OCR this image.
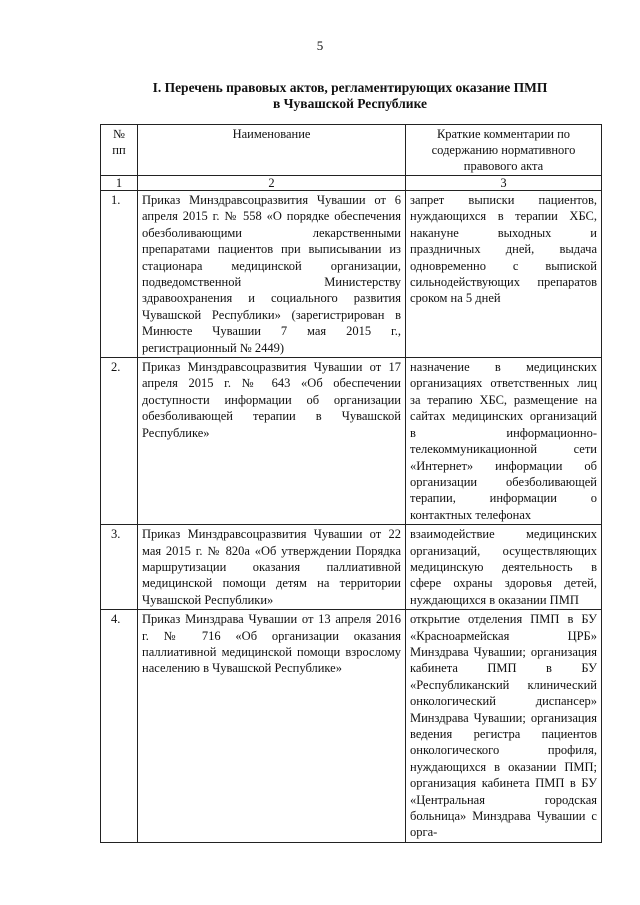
5
I. Перечень правовых актов, регламентирующих оказание ПМП
в Чувашской Республике
№ пп	Наименование	Краткие комментарии по содержанию нормативного правового акта
1	2	3
1.	Приказ Минздравсоцразвития Чувашии от 6 апреля 2015 г. № 558 «О порядке обеспечения обезболивающими лекарственными препаратами пациентов при выписывании из стационара медицинской организации, подведомственной Министерству здравоохранения и социального развития Чувашской Республики» (зарегистрирован в Минюсте Чувашии 7 мая 2015 г., регистрационный № 2449)	запрет выписки пациентов, нуждающихся в терапии ХБС, накануне выходных и праздничных дней, выдача одновременно с выпиской сильнодействующих препаратов сроком на 5 дней
2.	Приказ Минздравсоцразвития Чувашии от 17 апреля 2015 г. № 643 «Об обеспечении доступности информации об организации обезболивающей терапии в Чувашской Республике»	назначение в медицинских организациях ответственных лиц за терапию ХБС, размещение на сайтах медицинских организаций в информационно-телекоммуникационной сети «Интернет» информации об организации обезболивающей терапии, информации о контактных телефонах
3.	Приказ Минздравсоцразвития Чувашии от 22 мая 2015 г. № 820а «Об утверждении Порядка маршрутизации оказания паллиативной медицинской помощи детям на территории Чувашской Республики»	взаимодействие медицинских организаций, осуществляющих медицинскую деятельность в сфере охраны здоровья детей, нуждающихся в оказании ПМП
4.	Приказ Минздрава Чувашии от 13 апреля 2016 г. № 716 «Об организации оказания паллиативной медицинской помощи взрослому населению в Чувашской Республике»	открытие отделения ПМП в БУ «Красноармейская ЦРБ» Минздрава Чувашии; организация кабинета ПМП в БУ «Республиканский клинический онкологический диспансер» Минздрава Чувашии; организация ведения регистра пациентов онкологического профиля, нуждающихся в оказании ПМП; организация кабинета ПМП в БУ «Центральная городская больница» Минздрава Чувашии с орга-
